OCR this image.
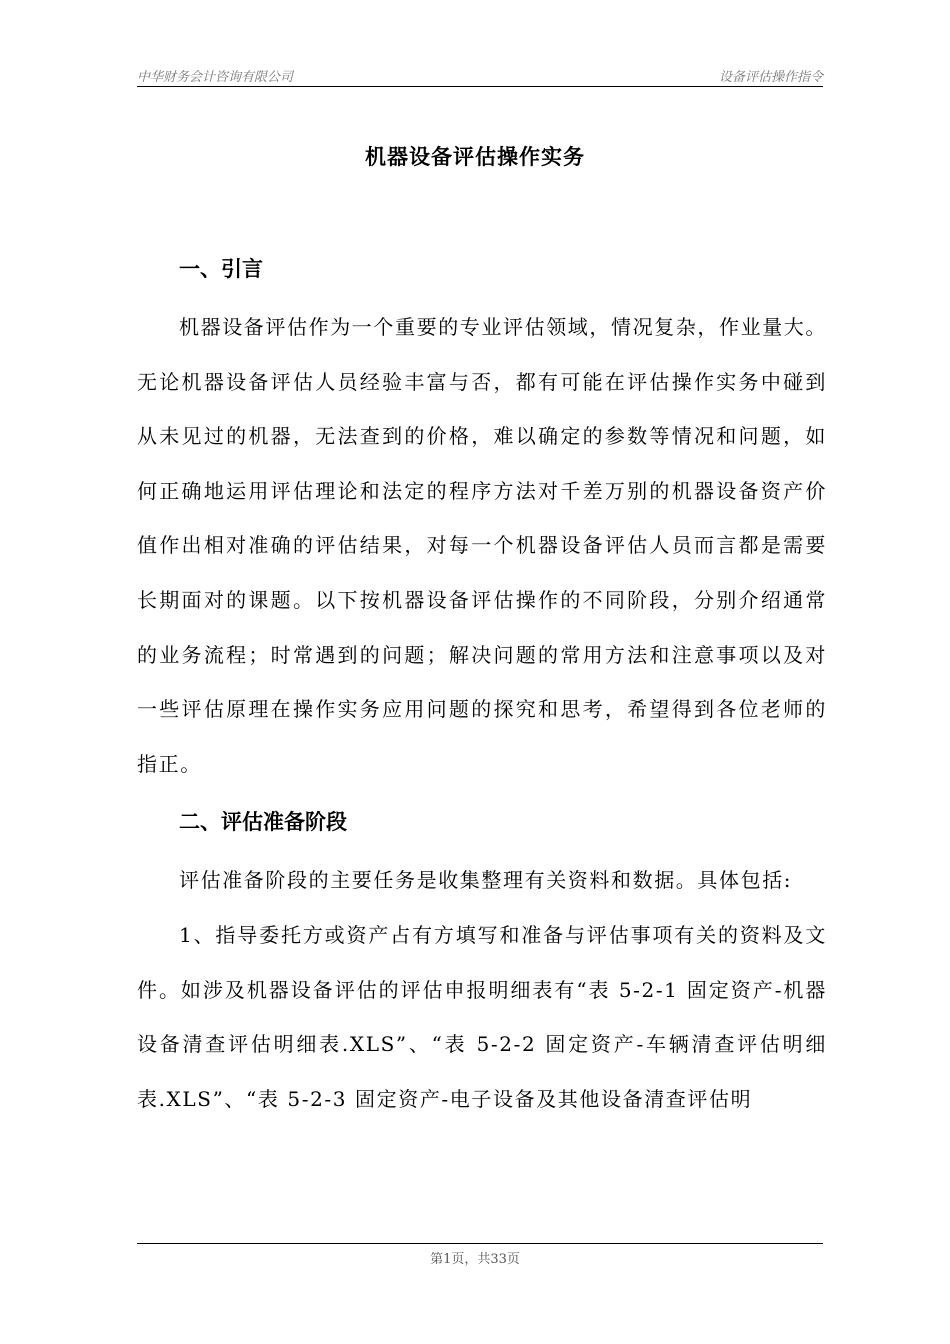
中华财务会计咨询有限公司	设备评估操作指令
机器设备评估操作实务
一、引言

机器设备评估作为一个重要的专业评估领域，情况复杂，作业量大。无论机器设备评估人员经验丰富与否，都有可能在评估操作实务中碰到从未见过的机器，无法查到的价格，难以确定的参数等情况和问题，如何正确地运用评估理论和法定的程序方法对千差万别的机器设备资产价值作出相对准确的评估结果，对每一个机器设备评估人员而言都是需要长期面对的课题。以下按机器设备评估操作的不同阶段，分别介绍通常的业务流程；时常遇到的问题；解决问题的常用方法和注意事项以及对一些评估原理在操作实务应用问题的探究和思考，希望得到各位老师的指正。

二、评估准备阶段

评估准备阶段的主要任务是收集整理有关资料和数据。具体包括:

1、指导委托方或资产占有方填写和准备与评估事项有关的资料及文件。如涉及机器设备评估的评估申报明细表有“表 5-2-1 固定资产-机器设备清查评估明细表.XLS”、“表 5-2-2 固定资产-车辆清查评估明细表.XLS”、“表 5-2-3 固定资产-电子设备及其他设备清查评估明

第1页，共33页
